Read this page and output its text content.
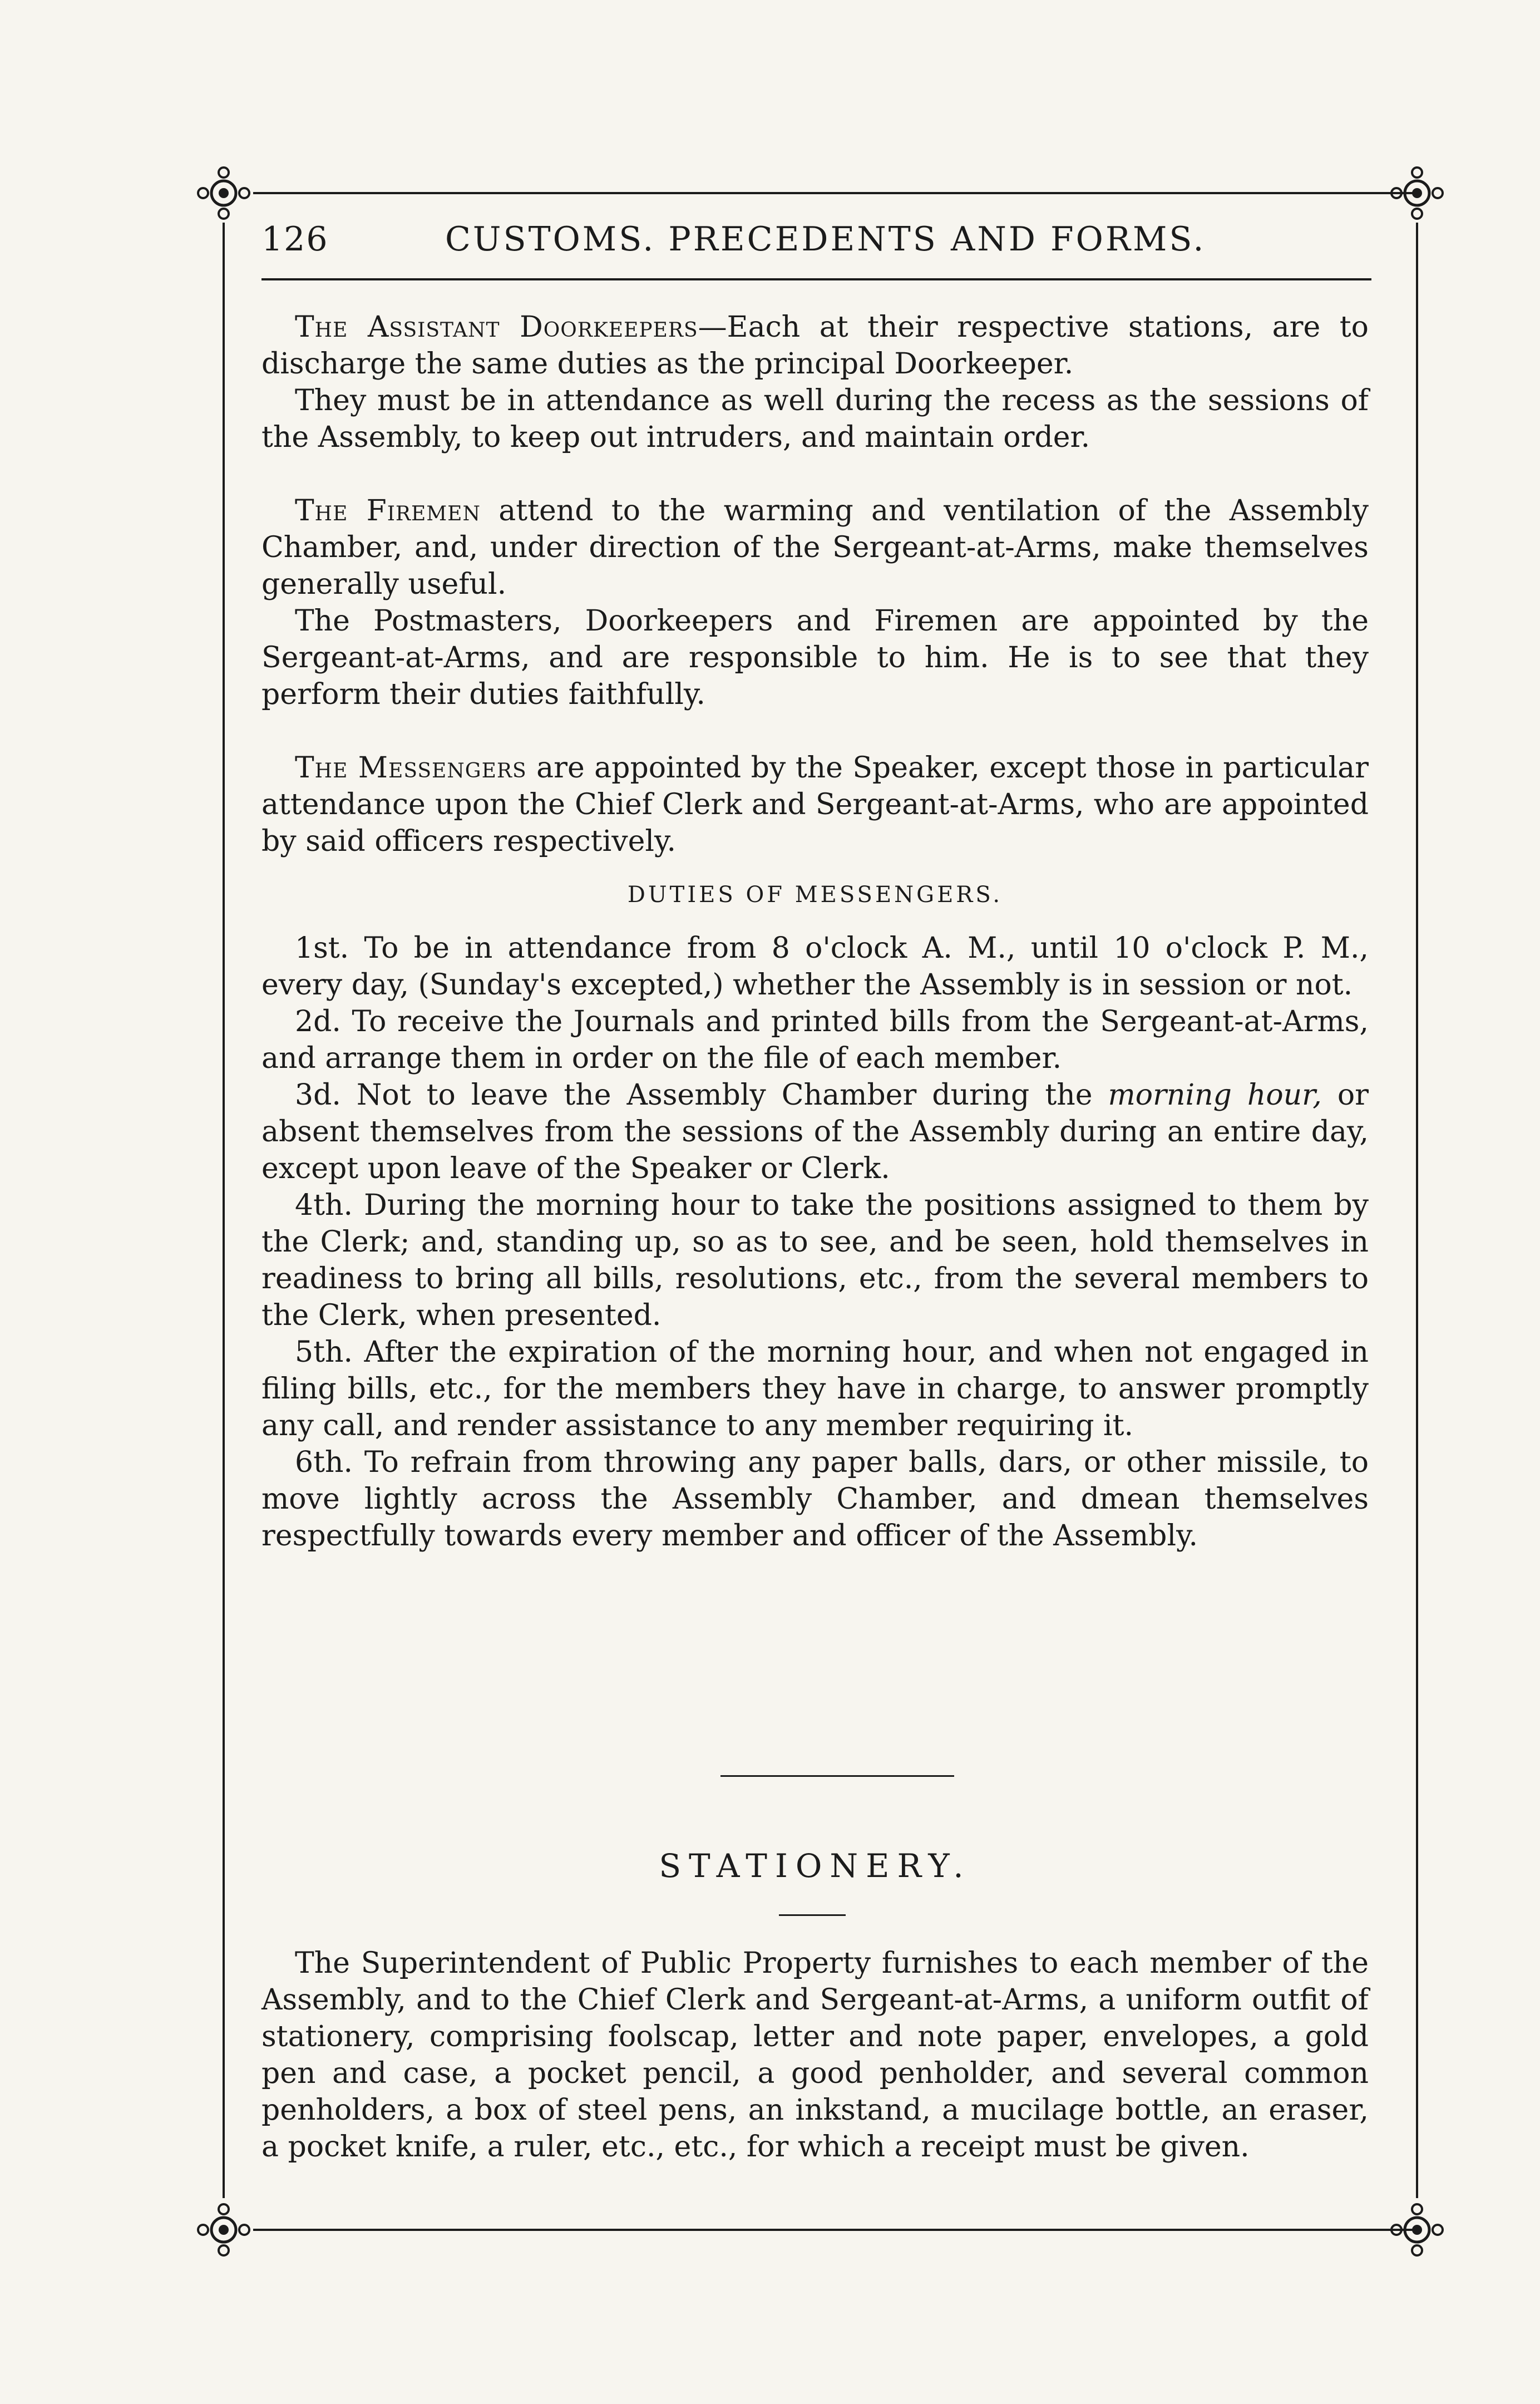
126	CUSTOMS. PRECEDENTS AND FORMS.

The Assistant Doorkeepers—Each at their respective stations, are to discharge the same duties as the principal Doorkeeper.

They must be in attendance as well during the recess as the sessions of the Assembly, to keep out intruders, and maintain order.

The Firemen attend to the warming and ventilation of the Assembly Chamber, and, under direction of the Sergeant-at-Arms, make themselves generally useful.

The Postmasters, Doorkeepers and Firemen are appointed by the Sergeant-at-Arms, and are responsible to him. He is to see that they perform their duties faithfully.

The Messengers are appointed by the Speaker, except those in particular attendance upon the Chief Clerk and Sergeant-at-Arms, who are appointed by said officers respectively.

DUTIES OF MESSENGERS.

1st. To be in attendance from 8 o'clock A. M., until 10 o'clock P. M., every day, (Sunday's excepted,) whether the Assembly is in session or not.

2d. To receive the Journals and printed bills from the Sergeant-at-Arms, and arrange them in order on the file of each member.

3d. Not to leave the Assembly Chamber during the morning hour, or absent themselves from the sessions of the Assembly during an entire day, except upon leave of the Speaker or Clerk.

4th. During the morning hour to take the positions assigned to them by the Clerk; and, standing up, so as to see, and be seen, hold themselves in readiness to bring all bills, resolutions, etc., from the several members to the Clerk, when presented.

5th. After the expiration of the morning hour, and when not engaged in filing bills, etc., for the members they have in charge, to answer promptly any call, and render assistance to any member requiring it.

6th. To refrain from throwing any paper balls, dars, or other missile, to move lightly across the Assembly Chamber, and dmean themselves respectfully towards every member and officer of the Assembly.

STATIONERY.

The Superintendent of Public Property furnishes to each member of the Assembly, and to the Chief Clerk and Sergeant-at-Arms, a uniform outfit of stationery, comprising foolscap, letter and note paper, envelopes, a gold pen and case, a pocket pencil, a good penholder, and several common penholders, a box of steel pens, an inkstand, a mucilage bottle, an eraser, a pocket knife, a ruler, etc., etc., for which a receipt must be given.
